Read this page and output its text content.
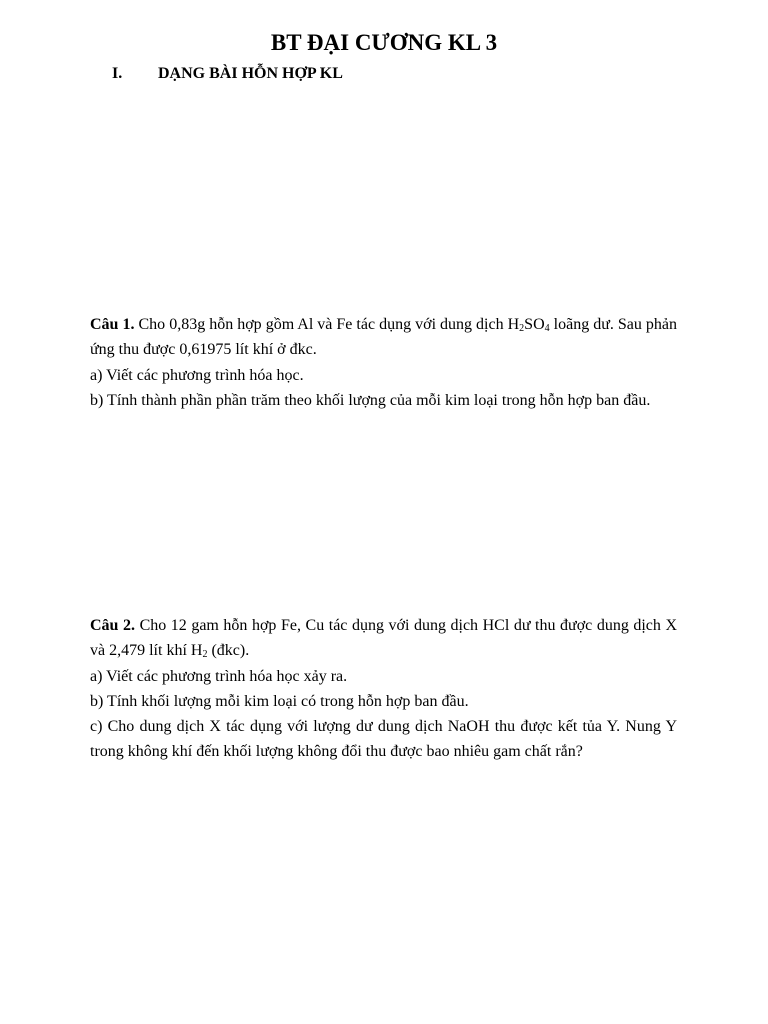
BT ĐẠI CƯƠNG KL 3
I. DẠNG BÀI HỖN HỢP KL

Câu 1. Cho 0,83g hỗn hợp gồm Al và Fe tác dụng với dung dịch $H_2SO_4$ loãng dư. Sau phản ứng thu được 0,61975 lít khí ở đkc.

a) Viết các phương trình hóa học.

b) Tính thành phần phần trăm theo khối lượng của mỗi kim loại trong hỗn hợp ban đầu.

Câu 2. Cho 12 gam hỗn hợp Fe, Cu tác dụng với dung dịch HCl dư thu được dung dịch X và 2,479 lít khí $H_2$ (đkc).

a) Viết các phương trình hóa học xảy ra.

b) Tính khối lượng mỗi kim loại có trong hỗn hợp ban đầu.

c) Cho dung dịch X tác dụng với lượng dư dung dịch NaOH thu được kết tủa Y. Nung Y trong không khí đến khối lượng không đổi thu được bao nhiêu gam chất rắn?
